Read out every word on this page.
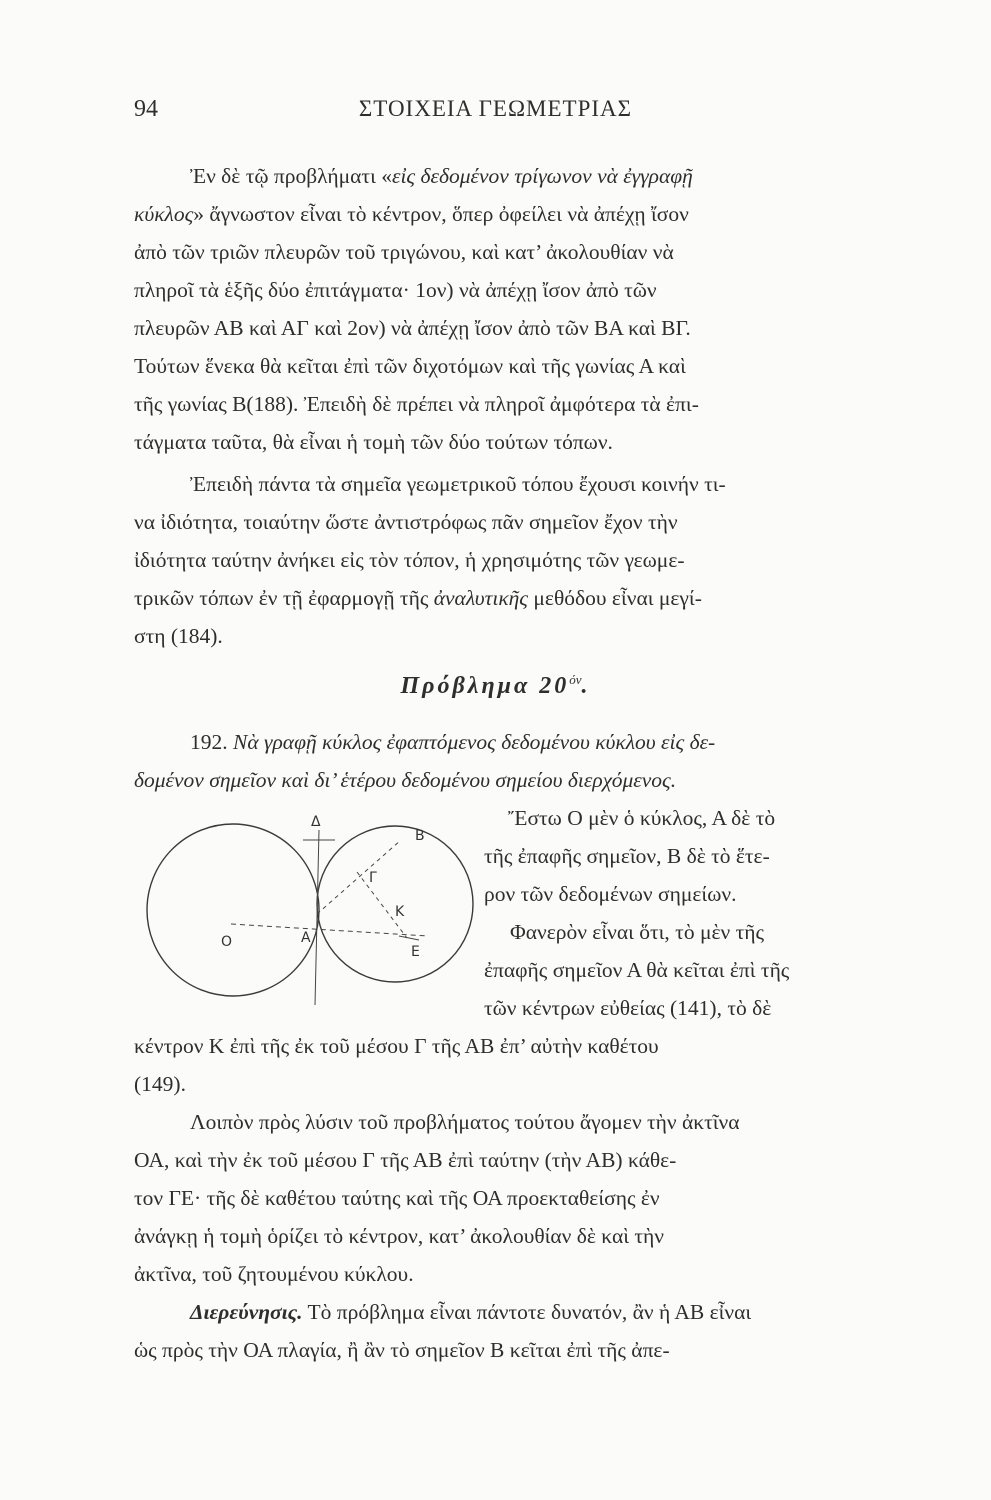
94	ΣΤΟΙΧΕΙΑ ΓΕΩΜΕΤΡΙΑΣ
Ἐν δὲ τῷ προβλήματι «εἰς δεδομένον τρίγωνον νὰ ἐγγραφῇ
κύκλος» ἄγνωστον εἶναι τὸ κέντρον, ὅπερ ὀφείλει νὰ ἀπέχῃ ἴσον
ἀπὸ τῶν τριῶν πλευρῶν τοῦ τριγώνου, καὶ κατ’ ἀκολουθίαν νὰ
πληροῖ τὰ ἑξῆς δύο ἐπιτάγματα· 1ον) νὰ ἀπέχῃ ἴσον ἀπὸ τῶν
πλευρῶν ΑΒ καὶ ΑΓ καὶ 2ον) νὰ ἀπέχῃ ἴσον ἀπὸ τῶν ΒΑ καὶ ΒΓ.
Τούτων ἕνεκα θὰ κεῖται ἐπὶ τῶν διχοτόμων καὶ τῆς γωνίας Α καὶ
τῆς γωνίας Β(188). Ἐπειδὴ δὲ πρέπει νὰ πληροῖ ἀμφότερα τὰ ἐπι-
τάγματα ταῦτα, θὰ εἶναι ἡ τομὴ τῶν δύο τούτων τόπων.
Ἐπειδὴ πάντα τὰ σημεῖα γεωμετρικοῦ τόπου ἔχουσι κοινήν τι-
να ἰδιότητα, τοιαύτην ὥστε ἀντιστρόφως πᾶν σημεῖον ἔχον τὴν
ἰδιότητα ταύτην ἀνήκει εἰς τὸν τόπον, ἡ χρησιμότης τῶν γεωμε-
τρικῶν τόπων ἐν τῇ ἐφαρμογῇ τῆς ἀναλυτικῆς μεθόδου εἶναι μεγί-
στη (184).
Πρόβλημα $20^{ό\nu}$.
192. Νὰ γραφῇ κύκλος ἐφαπτόμενος δεδομένου κύκλου εἰς δε-
δομένον σημεῖον καὶ δι’ ἑτέρου δεδομένου σημείου διερχόμενος.
Ἔστω Ο μὲν ὁ κύκλος, Α δὲ τὸ
τῆς ἐπαφῆς σημεῖον, Β δὲ τὸ ἕτε-
ρον τῶν δεδομένων σημείων.
Φανερὸν εἶναι ὅτι, τὸ μὲν τῆς
ἐπαφῆς σημεῖον Α θὰ κεῖται ἐπὶ τῆς
τῶν κέντρων εὐθείας (141), τὸ δὲ
Δ
B
Γ
K
O	A
Ε
κέντρον Κ ἐπὶ τῆς ἐκ τοῦ μέσου Γ τῆς ΑΒ ἐπ’ αὐτὴν καθέτου
(149).
Λοιπὸν πρὸς λύσιν τοῦ προβλήματος τούτου ἄγομεν τὴν ἀκτῖνα
ΟΑ, καὶ τὴν ἐκ τοῦ μέσου Γ τῆς ΑΒ ἐπὶ ταύτην (τὴν ΑΒ) κάθε-
τον ΓΕ· τῆς δὲ καθέτου ταύτης καὶ τῆς ΟΑ προεκταθείσης ἐν
ἀνάγκῃ ἡ τομὴ ὁρίζει τὸ κέντρον, κατ’ ἀκολουθίαν δὲ καὶ τὴν
ἀκτῖνα, τοῦ ζητουμένου κύκλου.
Διερεύνησις. Τὸ πρόβλημα εἶναι πάντοτε δυνατόν, ἂν ἡ ΑΒ εἶναι
ὡς πρὸς τὴν ΟΑ πλαγία, ἢ ἂν τὸ σημεῖον Β κεῖται ἐπὶ τῆς ἀπε-
